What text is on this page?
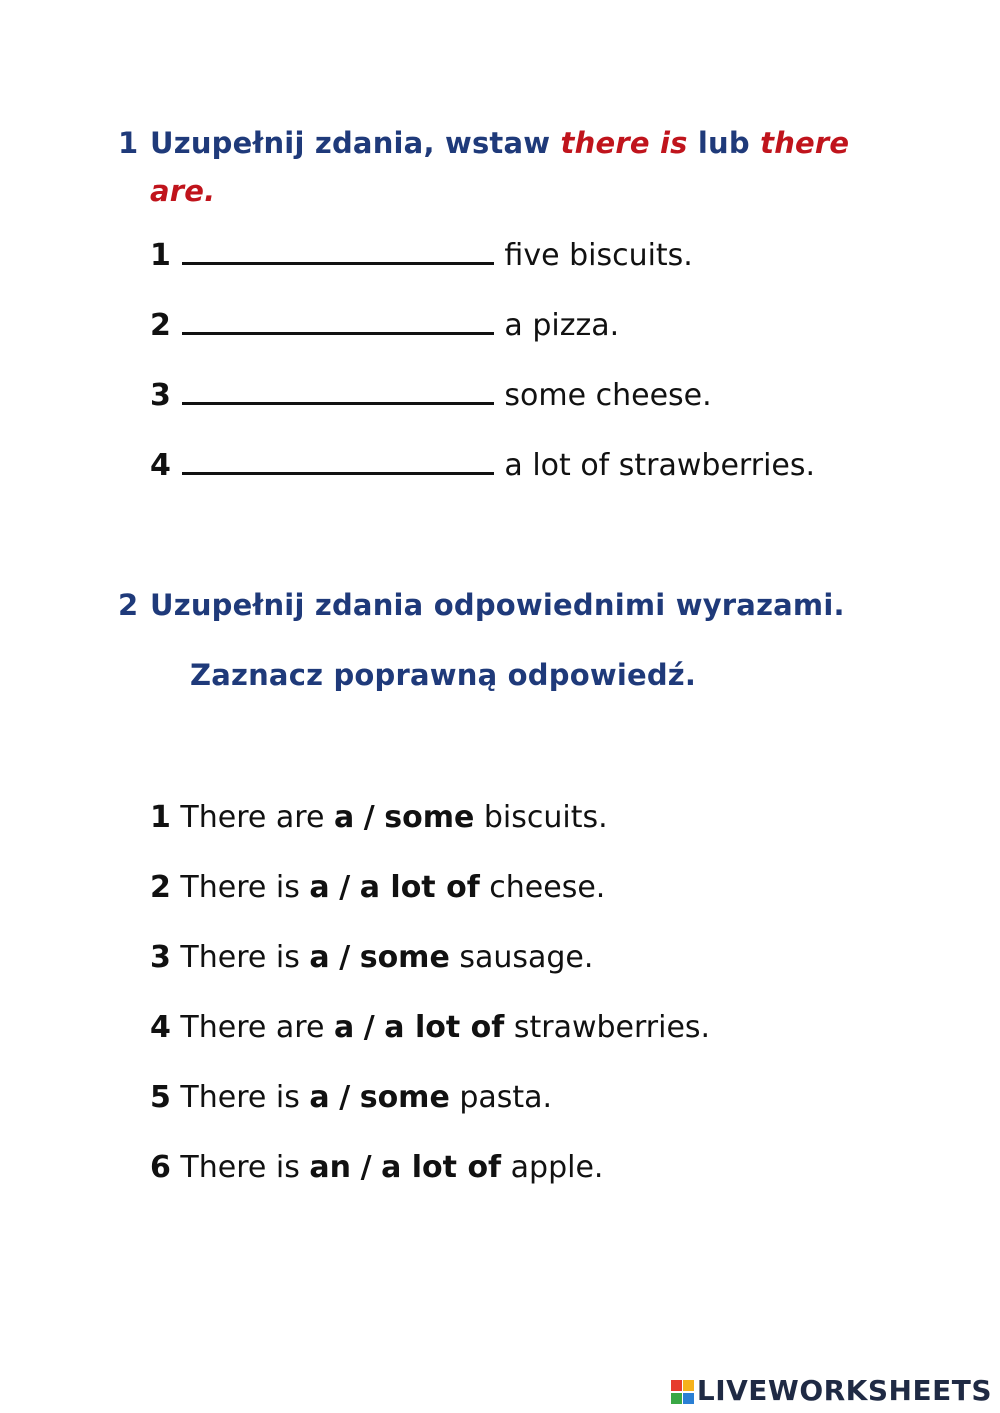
1 Uzupełnij zdania, wstaw there is lub there
are.
1	five biscuits.
2	a pizza.
3	some cheese.
4	a lot of strawberries.
2 Uzupełnij zdania odpowiednimi wyrazami.
Zaznacz poprawną odpowiedź.
1 There are a / some biscuits.
2 There is a / a lot of cheese.
3 There is a / some sausage.
4 There are a / a lot of strawberries.
5 There is a / some pasta.
6 There is an / a lot of apple.
LIVEWORKSHEETS
